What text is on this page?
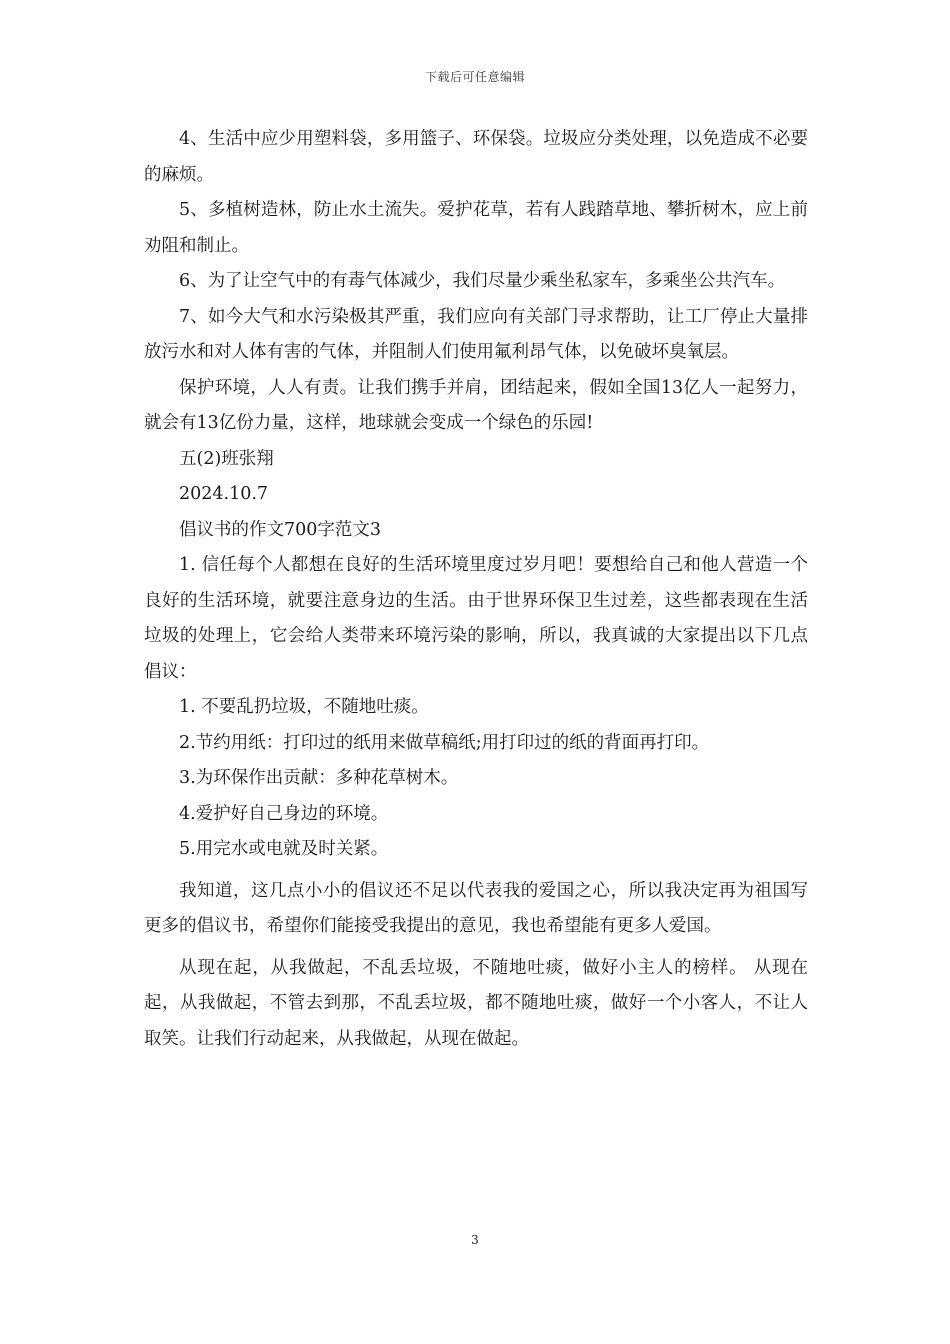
下载后可任意编辑

4、生活中应少用塑料袋，多用篮子、环保袋。垃圾应分类处理，以免造成不必要的麻烦。

5、多植树造林，防止水土流失。爱护花草，若有人践踏草地、攀折树木，应上前劝阻和制止。

6、为了让空气中的有毒气体减少，我们尽量少乘坐私家车，多乘坐公共汽车。

7、如今大气和水污染极其严重，我们应向有关部门寻求帮助，让工厂停止大量排放污水和对人体有害的气体，并阻制人们使用氟利昂气体，以免破坏臭氧层。

保护环境，人人有责。让我们携手并肩，团结起来，假如全国13亿人一起努力，就会有13亿份力量，这样，地球就会变成一个绿色的乐园!

五(2)班张翔

2024.10.7

倡议书的作文700字范文3

1. 信任每个人都想在良好的生活环境里度过岁月吧！要想给自己和他人营造一个良好的生活环境，就要注意身边的生活。由于世界环保卫生过差，这些都表现在生活垃圾的处理上，它会给人类带来环境污染的影响，所以，我真诚的大家提出以下几点倡议：

1. 不要乱扔垃圾，不随地吐痰。

2.节约用纸：打印过的纸用来做草稿纸;用打印过的纸的背面再打印。

3.为环保作出贡献：多种花草树木。

4.爱护好自己身边的环境。

5.用完水或电就及时关紧。

我知道，这几点小小的倡议还不足以代表我的爱国之心，所以我决定再为祖国写更多的倡议书，希望你们能接受我提出的意见，我也希望能有更多人爱国。

从现在起，从我做起，不乱丢垃圾，不随地吐痰，做好小主人的榜样。 从现在起，从我做起，不管去到那，不乱丢垃圾，都不随地吐痰，做好一个小客人，不让人取笑。让我们行动起来，从我做起，从现在做起。

3
